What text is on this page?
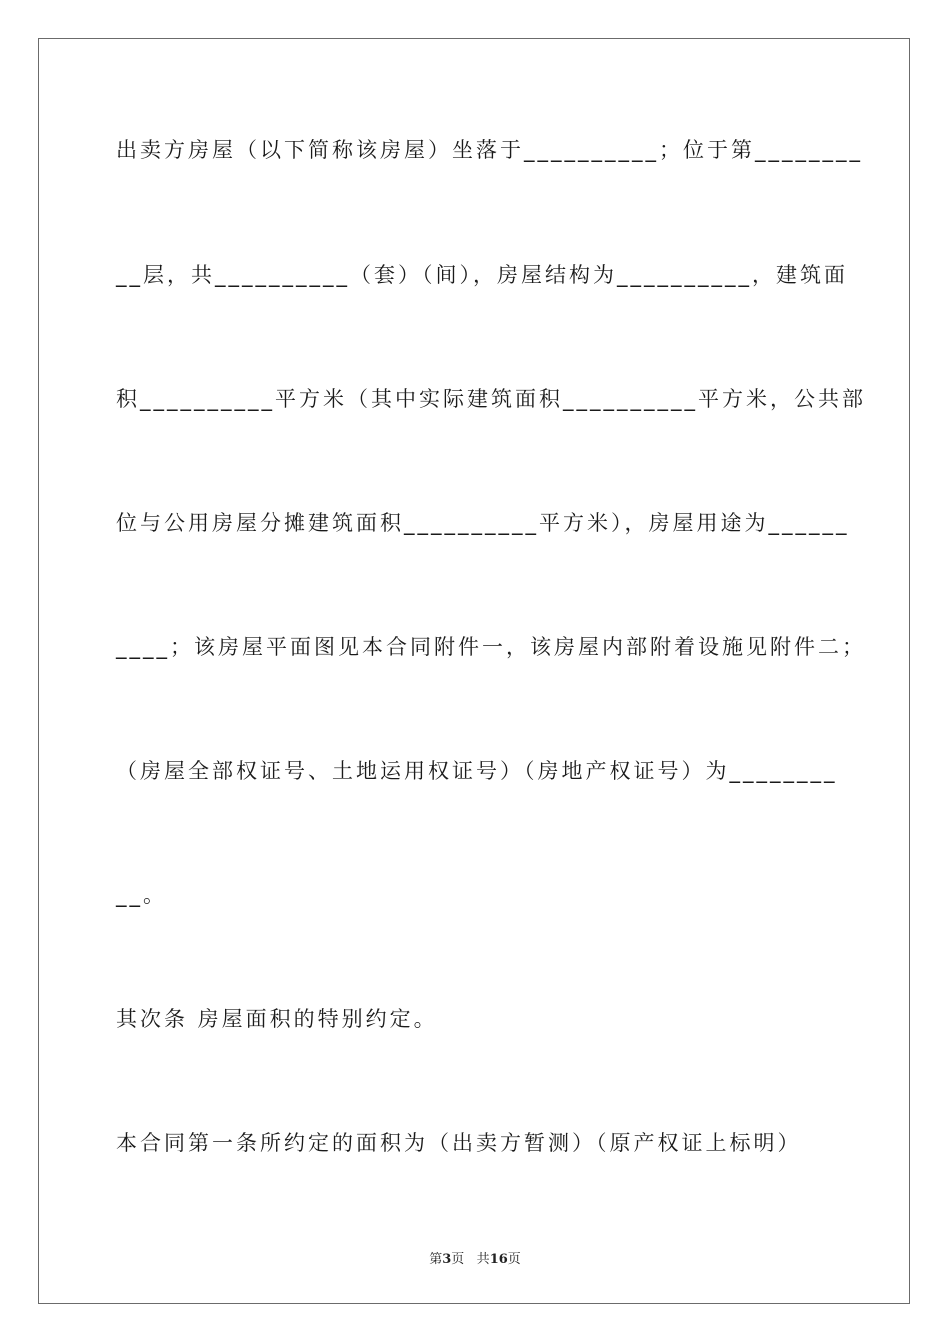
出卖方房屋（以下简称该房屋）坐落于__________；位于第________
__层，共__________（套）（间），房屋结构为__________，建筑面
积__________平方米（其中实际建筑面积__________平方米，公共部
位与公用房屋分摊建筑面积__________平方米），房屋用途为______
____；该房屋平面图见本合同附件一，该房屋内部附着设施见附件二；
（房屋全部权证号、土地运用权证号）（房地产权证号）为________
__。
其次条 房屋面积的特别约定。
本合同第一条所约定的面积为（出卖方暂测）（原产权证上标明）
第3页 共16页
